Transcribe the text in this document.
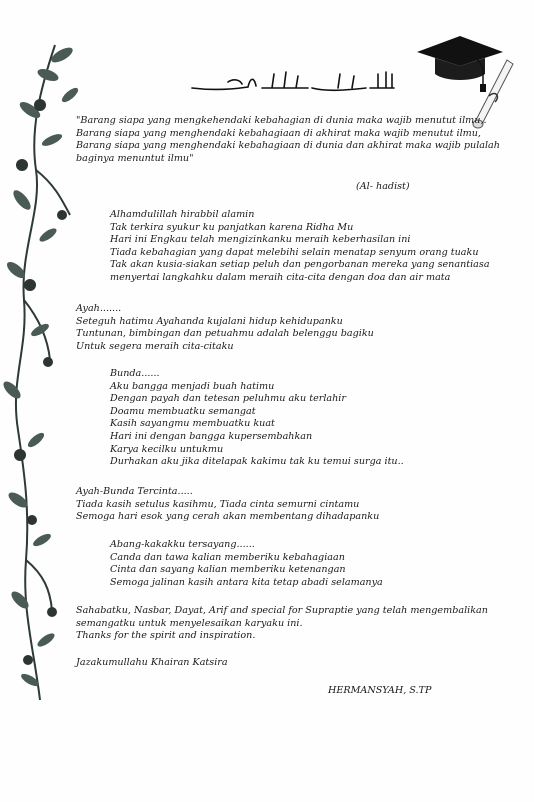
"Barang siapa yang mengkehendaki kebahagian di dunia maka wajib menutut ilmu,.
Barang siapa yang menghendaki kebahagiaan di akhirat maka wajib menutut ilmu,
Barang siapa yang menghendaki kebahagiaan di dunia dan akhirat maka wajib pulalah
baginya menuntut ilmu"
(Al- hadist)
Alhamdulillah hirabbil alamin
Tak terkira syukur ku panjatkan karena Ridha Mu
Hari ini Engkau telah mengizinkanku meraih keberhasilan ini
Tiada kebahagian yang dapat melebihi selain menatap senyum orang tuaku
Tak akan kusia-siakan setiap peluh dan pengorbanan mereka yang senantiasa
menyertai langkahku dalam meraih cita-cita dengan doa dan air mata
Ayah.......
Seteguh hatimu Ayahanda kujalani hidup kehidupanku
Tuntunan, bimbingan dan petuahmu adalah belenggu bagiku
Untuk segera meraih cita-citaku
Bunda......
Aku bangga menjadi buah hatimu
Dengan payah dan tetesan peluhmu aku terlahir
Doamu membuatku semangat
Kasih sayangmu membuatku kuat
Hari ini dengan bangga kupersembahkan
Karya kecilku untukmu
Durhakan aku jika ditelapak kakimu tak ku temui surga itu..
Ayah-Bunda Tercinta.....
Tiada kasih setulus kasihmu, Tiada cinta semurni cintamu
Semoga hari esok yang cerah akan membentang dihadapanku
Abang-kakakku tersayang......
Canda dan tawa kalian memberiku kebahagiaan
Cinta dan sayang kalian memberiku ketenangan
Semoga jalinan kasih antara kita tetap abadi selamanya
Sahabatku, Nasbar, Dayat, Arif and special for Supraptie yang telah mengembalikan
semangatku untuk menyelesaikan karyaku ini.
Thanks for the spirit and inspiration.
Jazakumullahu Khairan Katsira
HERMANSYAH, S.TP
